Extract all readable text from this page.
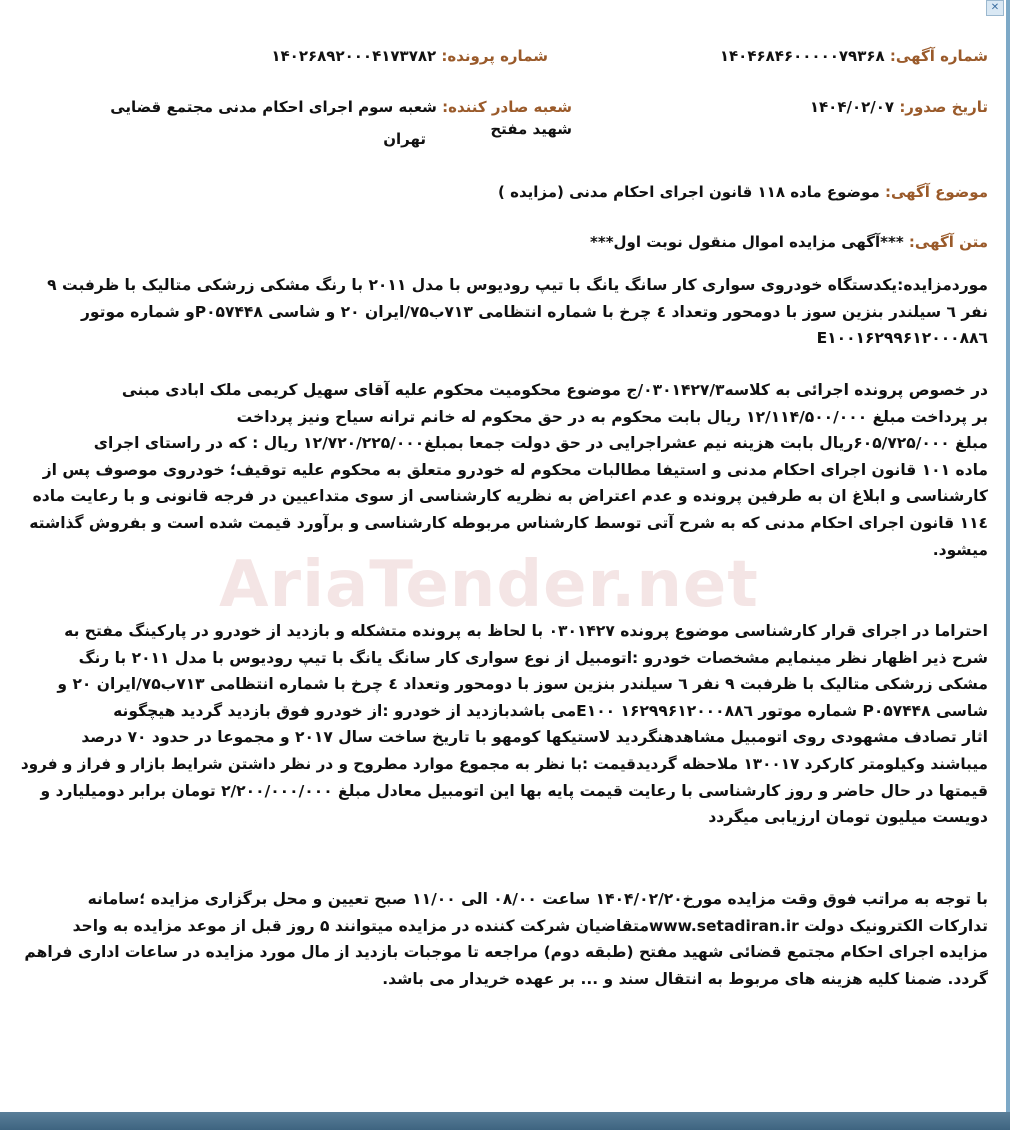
✕
AriaTender.net
شماره آگهی: ۱۴۰۴۶۸۴۶۰۰۰۰۰۷۹۳۶۸
شماره پرونده: ۱۴۰۲۶۸۹۲۰۰۰۴۱۷۳۷۸۲
تاریخ صدور: ۱۴۰۴/۰۲/۰۷
شعبه صادر کننده: شعبه سوم اجرای احکام مدنی مجتمع قضایی شهید مفتح
تهران
موضوع آگهی: موضوع ماده ۱۱۸ قانون اجرای احکام مدنی (مزایده )
متن آگهی: ***آگهی مزایده اموال منقول نوبت اول***
موردمزایده:یکدستگاه خودروی سواری کار سانگ یانگ با تیپ رودیوس با مدل ۲۰۱۱ با رنگ مشکی زرشکی متالیک با ظرفبت ۹
نفر ٦ سیلندر بنزین سوز با دومحور وتعداد ٤ چرخ با شماره انتظامی ۷۱۳ب۷۵/ایران ۲۰ و شاسی P۰۵۷۴۴۸و شماره موتور
E۱۰۰۱۶۲۹۹۶۱۲۰۰۰۸۸٦
در خصوص پرونده اجرائی به کلاسه۰۳۰۱۴۲۷/۳/ج موضوع محکومیت محکوم علیه آقای سهیل کریمی ملک ابادی مبنی
بر پرداخت مبلغ ۱۲/۱۱۴/۵۰۰/۰۰۰ ریال بابت محکوم به در حق محکوم له خانم ترانه سیاح ونیز پرداخت
مبلغ ۶۰۵/۷۲۵/۰۰۰ریال بابت هزینه نیم عشراجرایی در حق دولت جمعا بمبلغ۱۲/۷۲۰/۲۲۵/۰۰۰ ریال : که در راستای اجرای
ماده ۱۰۱ قانون اجرای احکام مدنی و استیفا مطالبات محکوم له خودرو متعلق به محکوم علیه توقیف؛ خودروی موصوف پس از
کارشناسی و ابلاغ ان به طرفین پرونده و عدم اعتراض به نظریه کارشناسی از سوی متداعیین در فرجه قانونی و با رعایت ماده
۱۱٤ قانون اجرای احکام مدنی که به شرح آتی توسط کارشناس مربوطه کارشناسی و برآورد قیمت شده است و بفروش گذاشته
میشود.
احتراما در اجرای قرار کارشناسی موضوع پرونده ۰۳۰۱۴۲۷ با لحاظ به پرونده متشکله و بازدید از خودرو در پارکینگ مفتح به
شرح ذیر اظهار نظر مینمایم مشخصات خودرو :اتومبیل از نوع سواری کار سانگ یانگ با تیپ رودیوس با مدل ۲۰۱۱ با رنگ
مشکی زرشکی متالیک با ظرفبت ۹ نفر ٦ سیلندر بنزین سوز با دومحور وتعداد ٤ چرخ با شماره انتظامی ۷۱۳ب۷۵/ایران ۲۰ و
شاسی P۰۵۷۴۴۸ شماره موتور E۱۰۰ ۱۶۲۹۹۶۱۲۰۰۰۸۸٦می باشدبازدید از خودرو :از خودرو فوق بازدید گردید هیچگونه
اثار تصادف مشهودی روی اتومبیل مشاهدهنگردید لاستیکها کومهو با تاریخ ساخت سال ۲۰۱۷ و مجموعا در حدود ۷۰ درصد
میباشند وکیلومتر کارکرد ۱۳۰۰۱۷ ملاحظه گردیدقیمت :با نظر به مجموع موارد مطروح و در نظر داشتن شرایط بازار و فراز و فرود
قیمتها در حال حاضر و روز کارشناسی با رعایت قیمت پایه بها این اتومبیل معادل مبلغ ۲/۲۰۰/۰۰۰/۰۰۰ تومان برابر دومیلیارد و
دویست میلیون تومان ارزیابی میگردد
با توجه به مراتب فوق وقت مزایده مورخ۱۴۰۴/۰۲/۲۰ ساعت ۰۸/۰۰ الی ۱۱/۰۰ صبح تعیین و محل برگزاری مزایده ؛سامانه
تدارکات الکترونیک دولت www.setadiran.irمتقاضیان شرکت کننده در مزایده میتوانند ۵ روز قبل از موعد مزایده به واحد
مزایده اجرای احکام مجتمع قضائی شهید مفتح (طبقه دوم) مراجعه تا موجبات بازدید از مال مورد مزایده در ساعات اداری فراهم
گردد. ضمنا کلیه هزینه های مربوط به انتقال سند و ... بر عهده خریدار می باشد.
